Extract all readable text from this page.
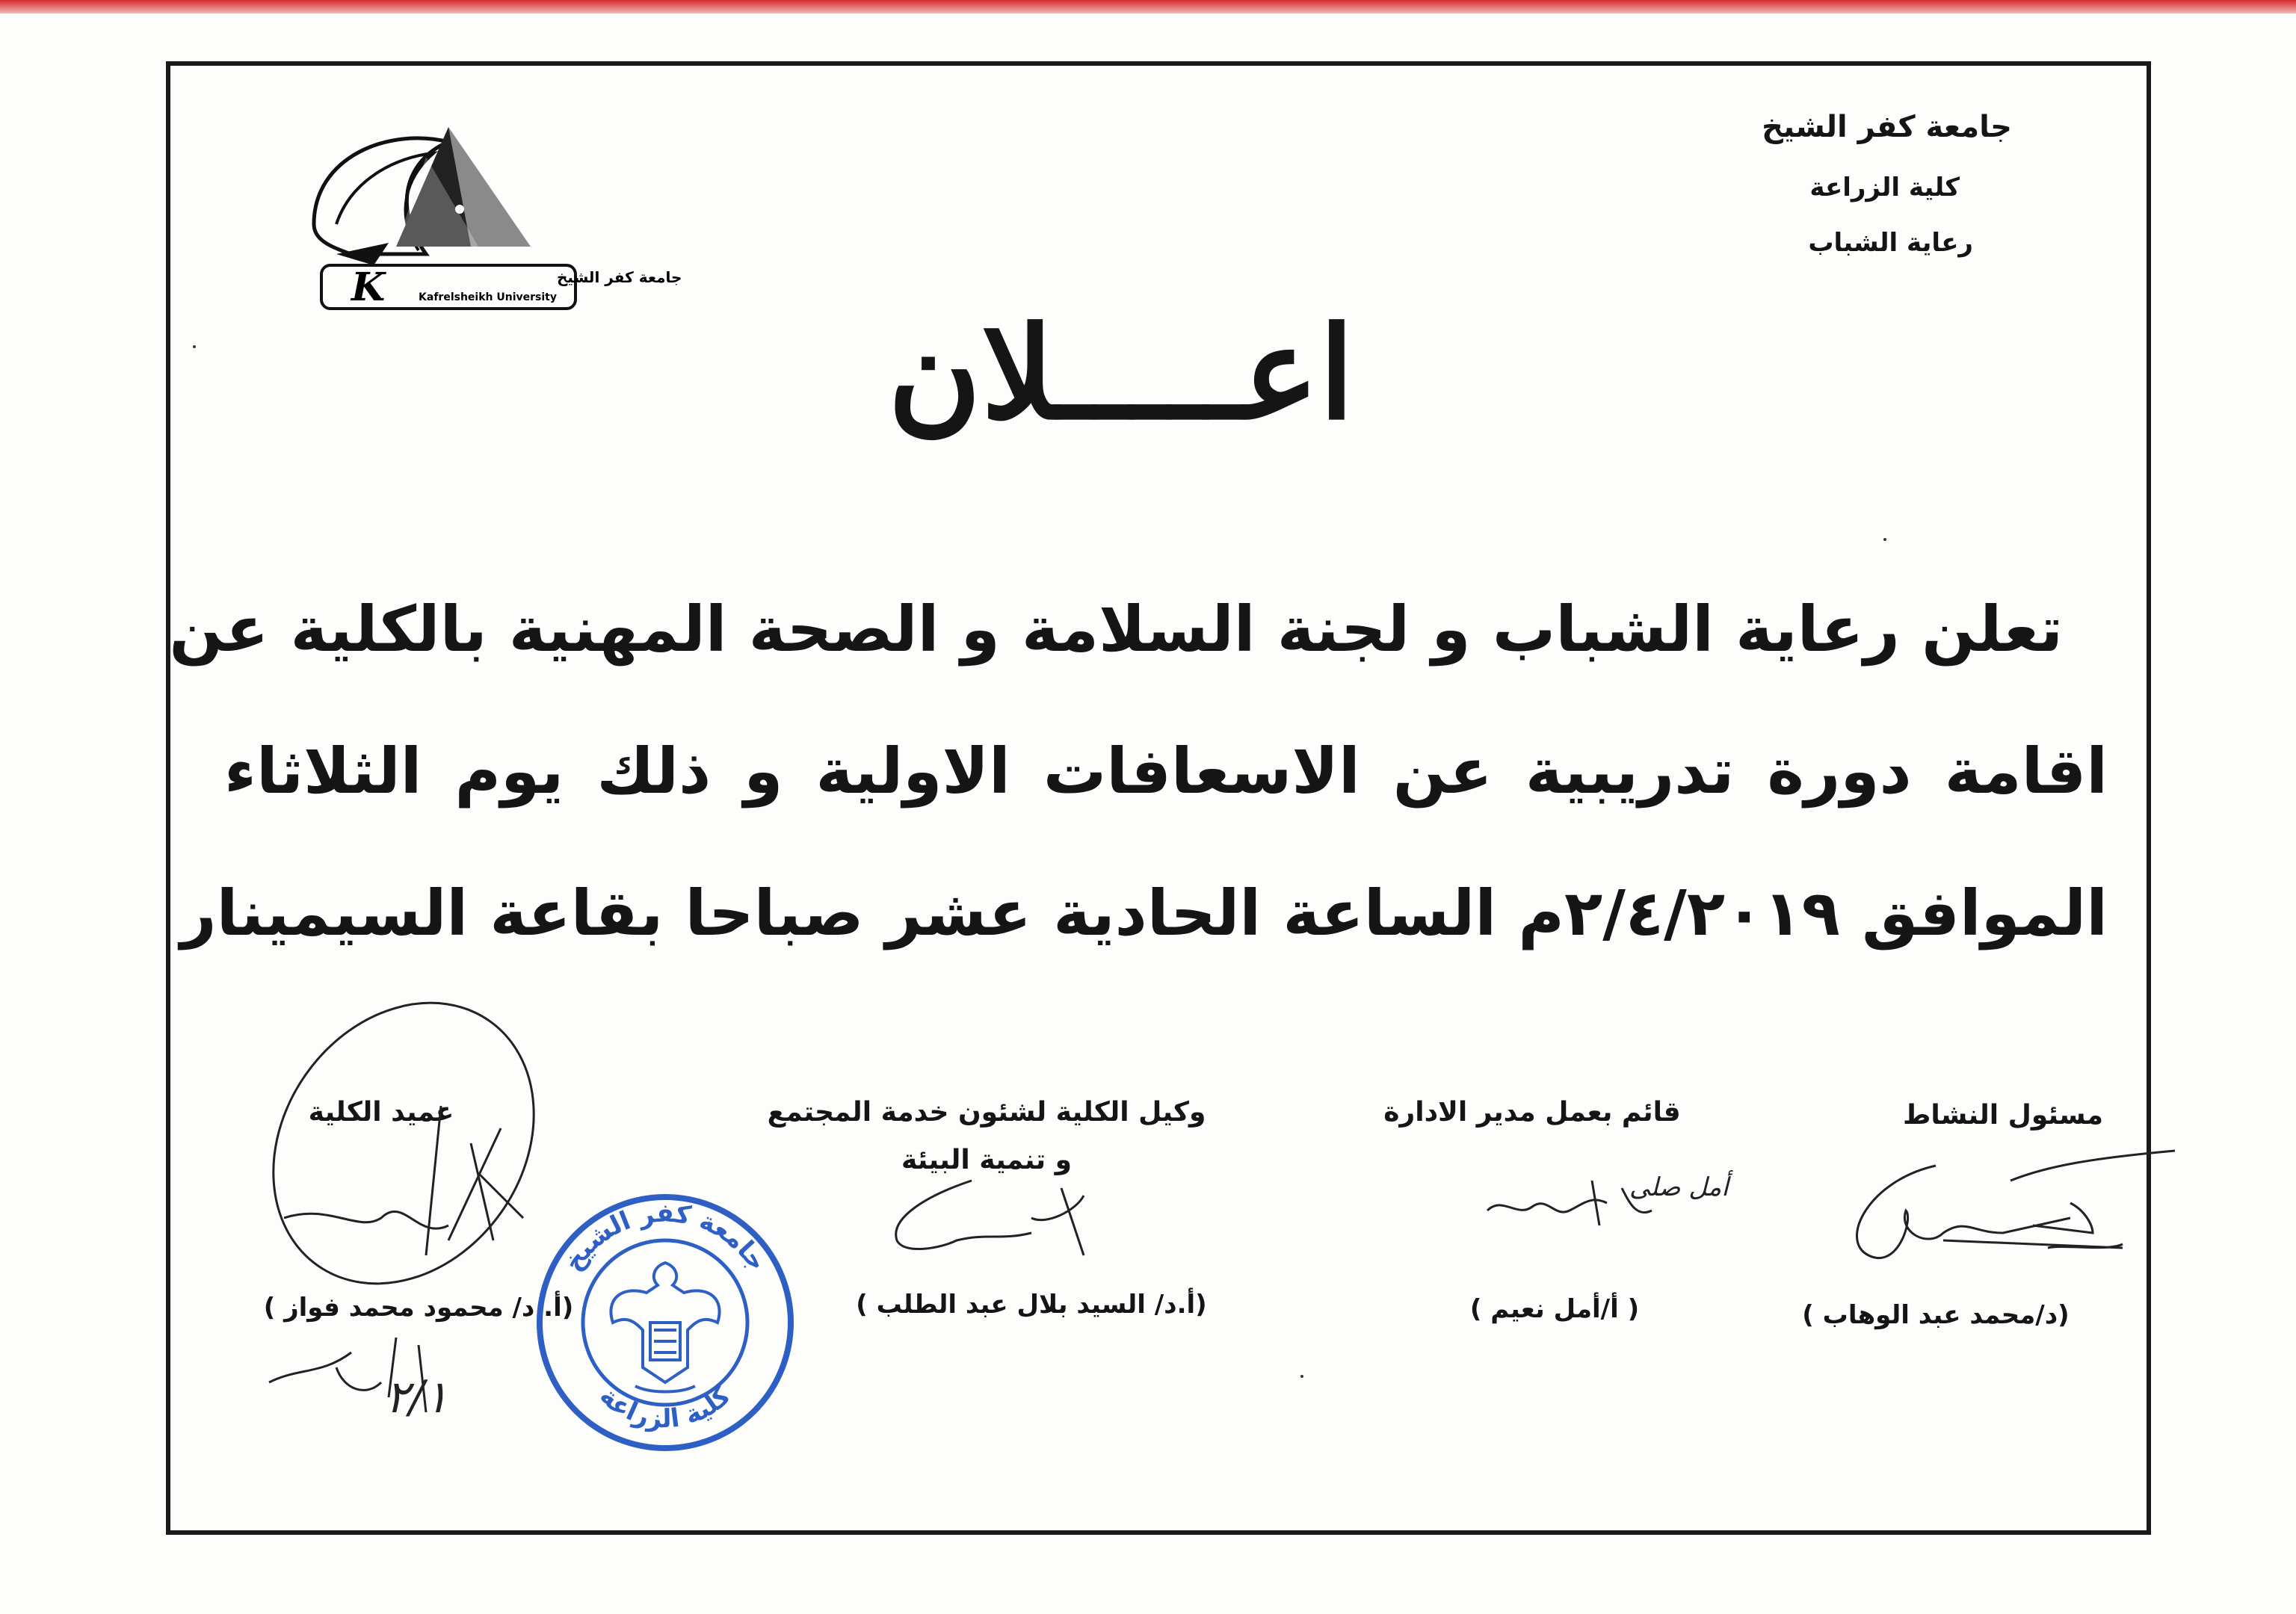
جامعة كفر الشيخ
كلية الزراعة
رعاية الشباب
K	جامعة كفر الشيخ
Kafrelsheikh University
اعـــــلان
تعلن رعاية الشباب و لجنة السلامة و الصحة المهنية بالكلية عن
اقامة دورة تدريبية عن الاسعافات الاولية و ذلك يوم الثلاثاء
الموافق ٢/٤/٢٠١٩م الساعة الحادية عشر صباحا بقاعة السيمينار
مسئول النشاط
(د/محمد عبد الوهاب )
قائم بعمل مدير الادارة
( أ/أمل نعيم )
وكيل الكلية لشئون خدمة المجتمع
و تنمية البيئة
(أ.د/ السيد بلال عبد الطلب )
عميد الكلية
(أ. د/ محمود محمد فواز )
أمل صلى
٢/١
جامعة كفر الشيخ
كلية الزراعة
